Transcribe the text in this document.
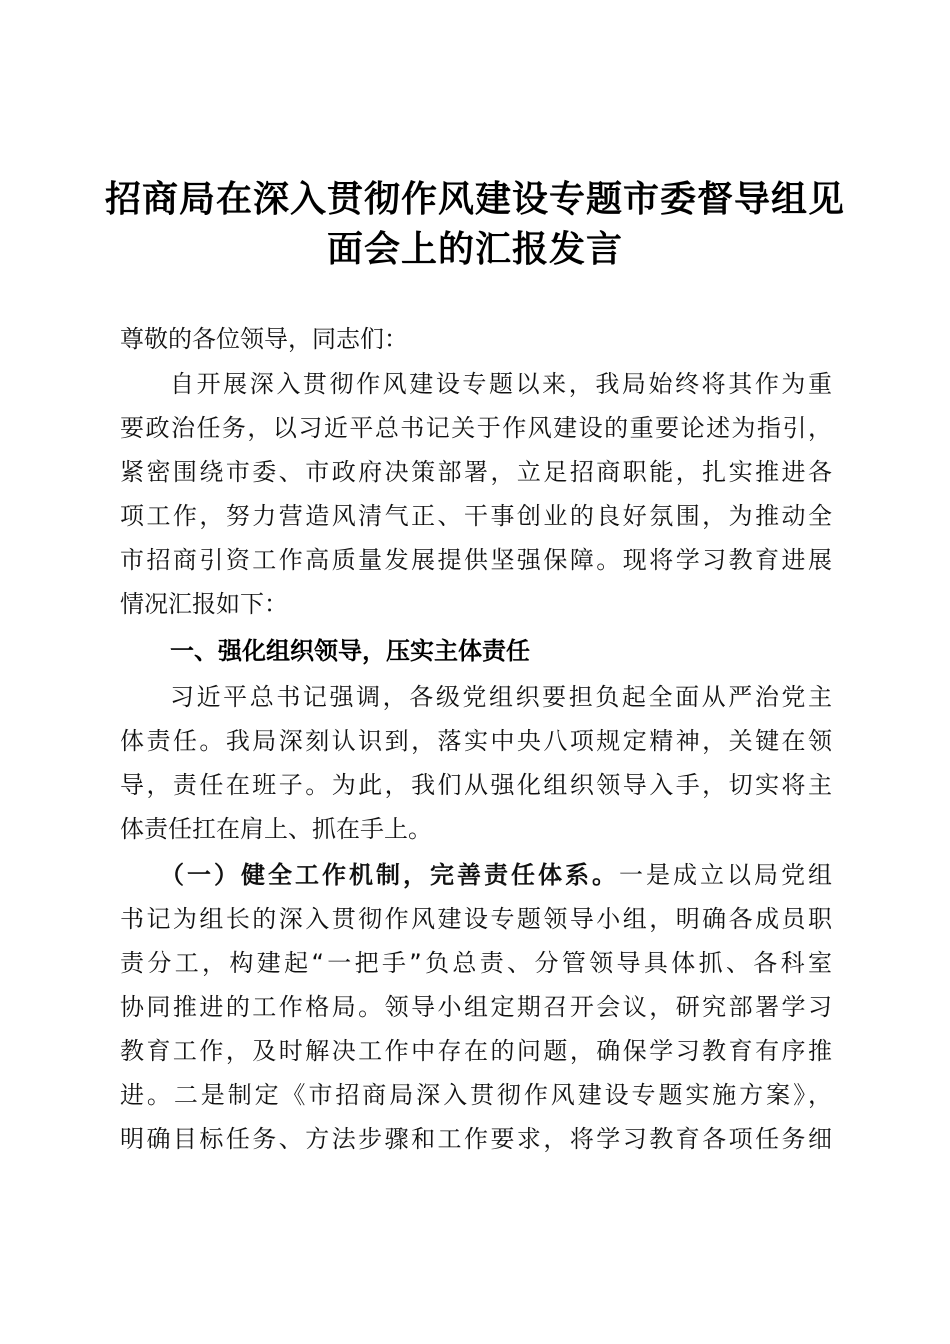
招商局在深入贯彻作风建设专题市委督导组见
面会上的汇报发言
尊敬的各位领导，同志们：
自开展深入贯彻作风建设专题以来，我局始终将其作为重
要政治任务，以习近平总书记关于作风建设的重要论述为指引，
紧密围绕市委、市政府决策部署，立足招商职能，扎实推进各
项工作，努力营造风清气正、干事创业的良好氛围，为推动全
市招商引资工作高质量发展提供坚强保障。现将学习教育进展
情况汇报如下：
一、强化组织领导，压实主体责任
习近平总书记强调，各级党组织要担负起全面从严治党主
体责任。我局深刻认识到，落实中央八项规定精神，关键在领
导，责任在班子。为此，我们从强化组织领导入手，切实将主
体责任扛在肩上、抓在手上。
（一）健全工作机制，完善责任体系。一是成立以局党组
书记为组长的深入贯彻作风建设专题领导小组，明确各成员职
责分工，构建起“一把手”负总责、分管领导具体抓、各科室
协同推进的工作格局。领导小组定期召开会议，研究部署学习
教育工作，及时解决工作中存在的问题，确保学习教育有序推
进。二是制定《市招商局深入贯彻作风建设专题实施方案》，
明确目标任务、方法步骤和工作要求，将学习教育各项任务细
